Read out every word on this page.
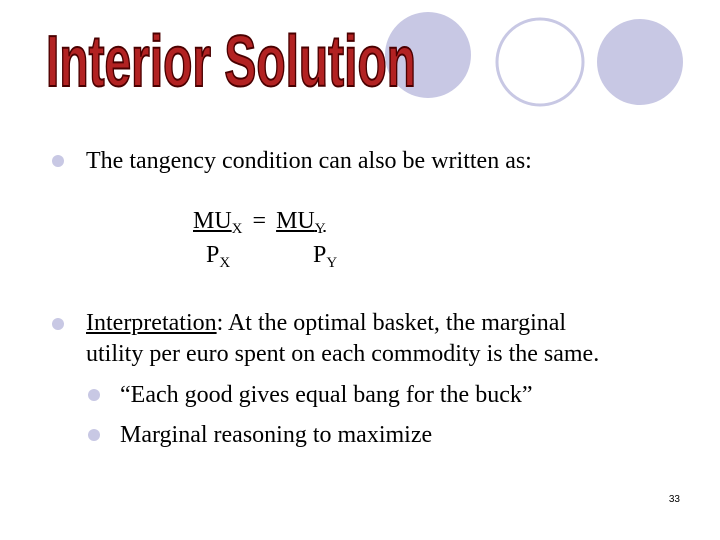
Interior Solution
The tangency condition can also be written as:
$MU_X = MU_Y$
$P_X$	$P_Y$
Interpretation: At the optimal basket, the marginal
utility per euro spent on each commodity is the same.
“Each good gives equal bang for the buck”
Marginal reasoning to maximize
33
